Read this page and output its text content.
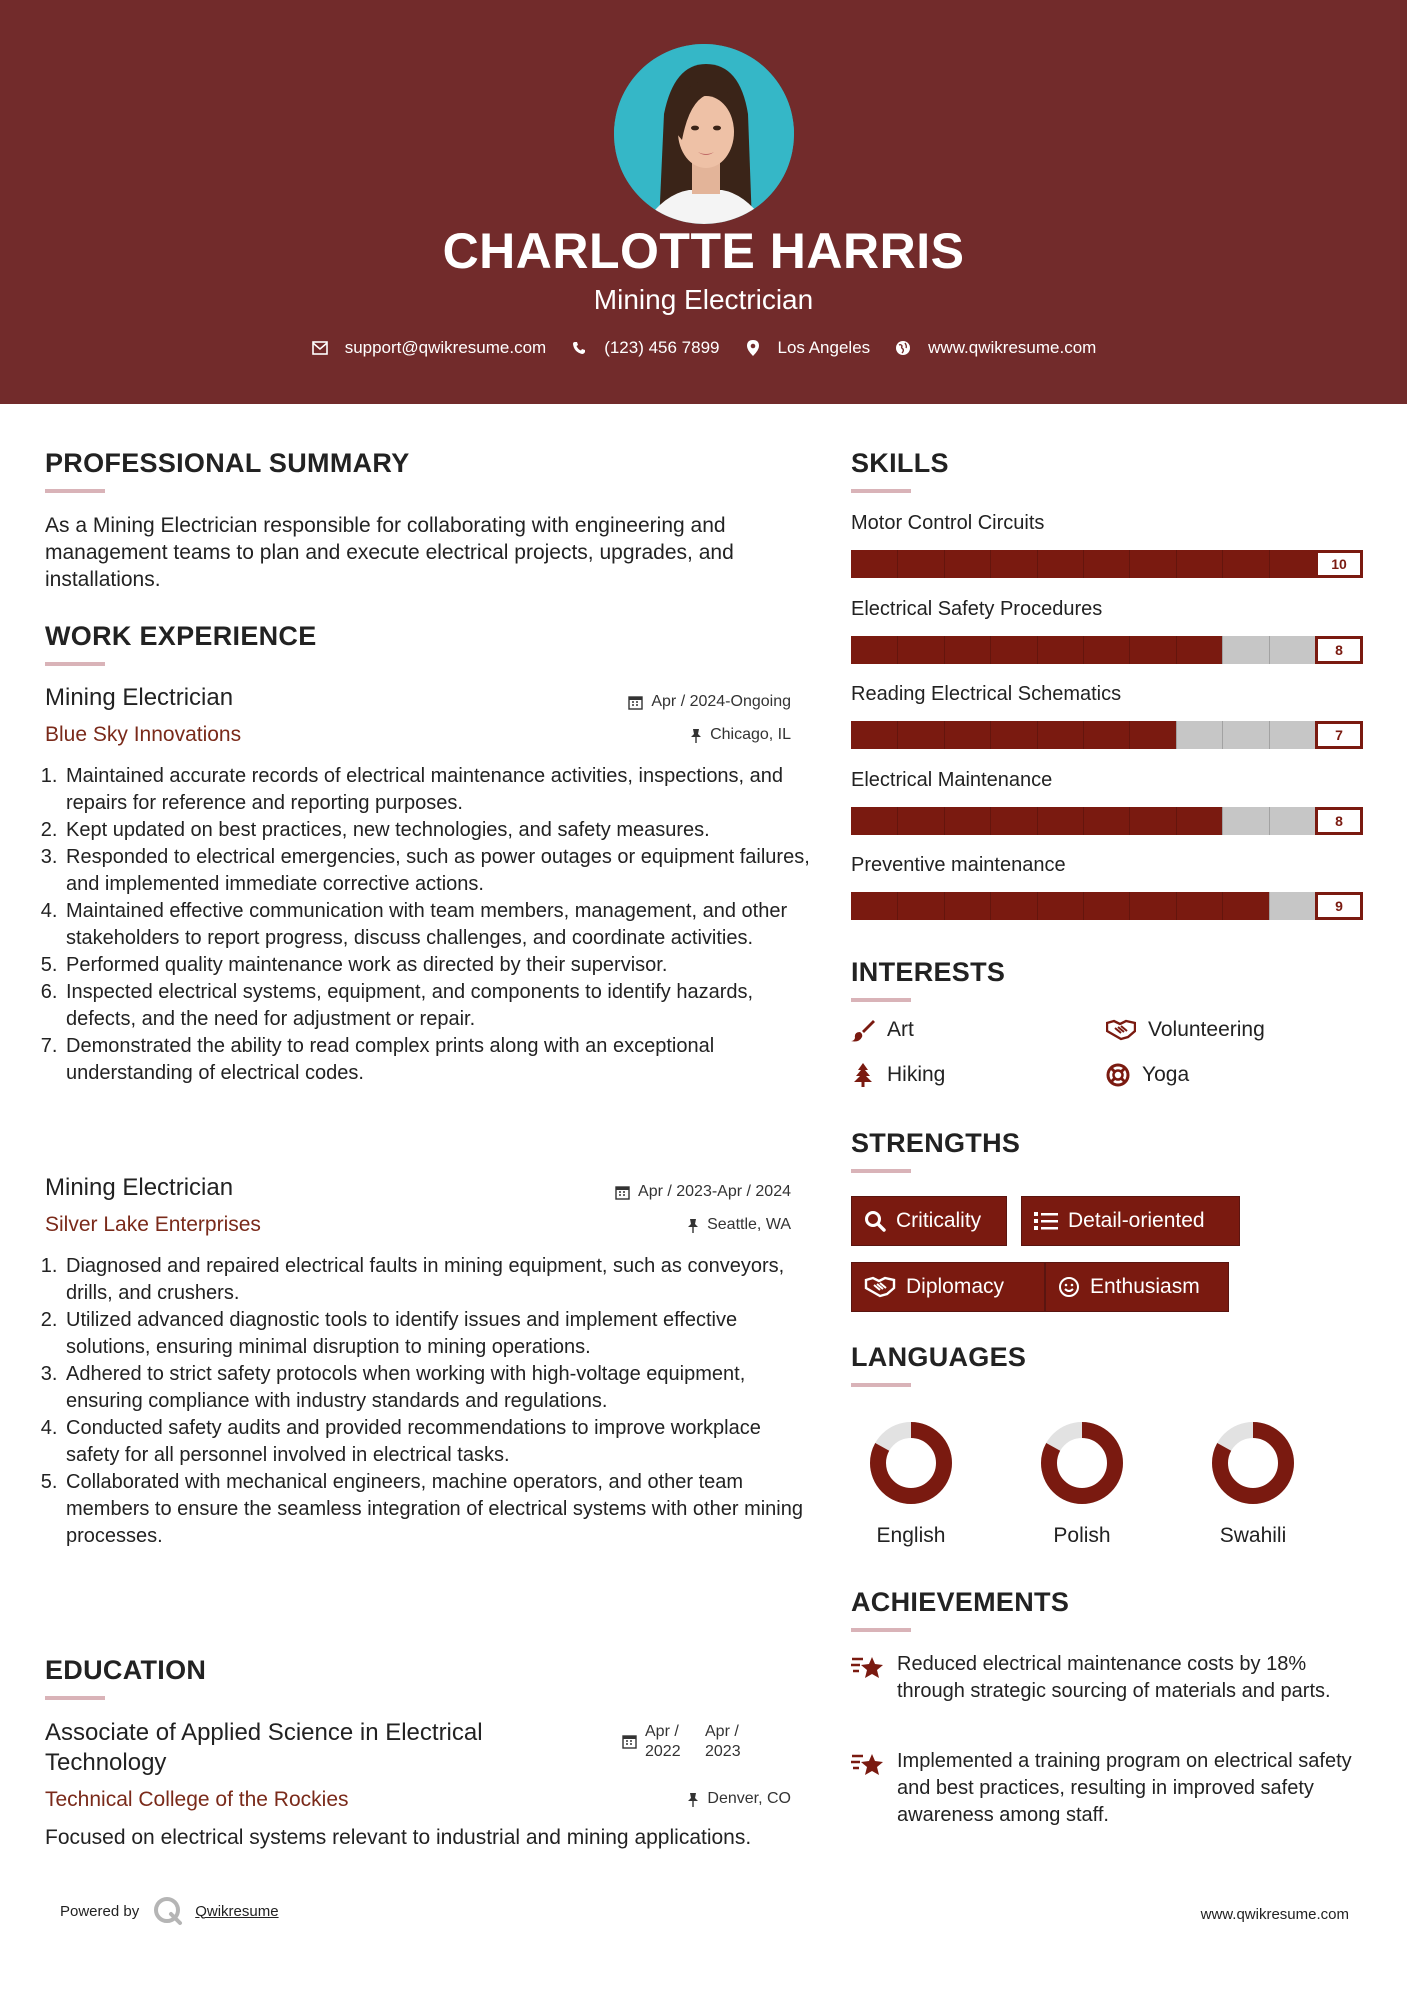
CHARLOTTE HARRIS
Mining Electrician
support@qwikresume.com	(123) 456 7899	Los Angeles	www.qwikresume.com
PROFESSIONAL SUMMARY
As a Mining Electrician responsible for collaborating with engineering and management teams to plan and execute electrical projects, upgrades, and installations.
WORK EXPERIENCE
Mining Electrician	Apr / 2024-Ongoing
Blue Sky Innovations	Chicago, IL
1. Maintained accurate records of electrical maintenance activities, inspections, and repairs for reference and reporting purposes.
2. Kept updated on best practices, new technologies, and safety measures.
3. Responded to electrical emergencies, such as power outages or equipment failures, and implemented immediate corrective actions.
4. Maintained effective communication with team members, management, and other stakeholders to report progress, discuss challenges, and coordinate activities.
5. Performed quality maintenance work as directed by their supervisor.
6. Inspected electrical systems, equipment, and components to identify hazards, defects, and the need for adjustment or repair.
7. Demonstrated the ability to read complex prints along with an exceptional understanding of electrical codes.
Mining Electrician	Apr / 2023-Apr / 2024
Silver Lake Enterprises	Seattle, WA
1. Diagnosed and repaired electrical faults in mining equipment, such as conveyors, drills, and crushers.
2. Utilized advanced diagnostic tools to identify issues and implement effective solutions, ensuring minimal disruption to mining operations.
3. Adhered to strict safety protocols when working with high-voltage equipment, ensuring compliance with industry standards and regulations.
4. Conducted safety audits and provided recommendations to improve workplace safety for all personnel involved in electrical tasks.
5. Collaborated with mechanical engineers, machine operators, and other team members to ensure the seamless integration of electrical systems with other mining processes.
EDUCATION
Associate of Applied Science in Electrical
Technology
Apr /
2022
Apr /
2023
Technical College of the Rockies	Denver, CO
Focused on electrical systems relevant to industrial and mining applications.
SKILLS
Motor Control Circuits
10
Electrical Safety Procedures
8
Reading Electrical Schematics
7
Electrical Maintenance
8
Preventive maintenance
9
INTERESTS
Art	Volunteering
Hiking	Yoga
STRENGTHS
Criticality	Detail-oriented
Diplomacy	Enthusiasm
LANGUAGES
English	Polish	Swahili
ACHIEVEMENTS
Reduced electrical maintenance costs by 18% through strategic sourcing of materials and parts.
Implemented a training program on electrical safety and best practices, resulting in improved safety awareness among staff.
Powered by	Qwikresume	www.qwikresume.com
